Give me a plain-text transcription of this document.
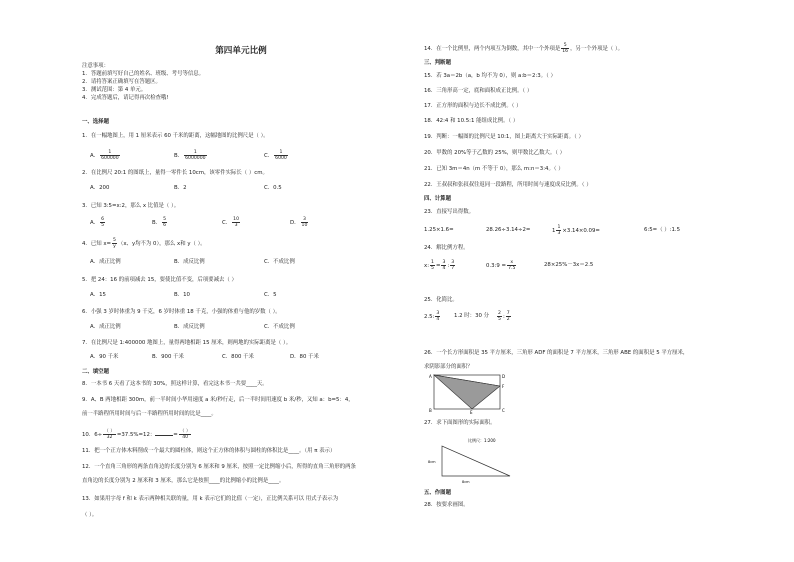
第四单元比例
注意事项：
1．答题前填写好自己的姓名、班级、考号等信息。
2．请将答案正确填写在答题区。
3．测试范围：第 4 单元。
4．完成答题后，请记得再次检查哦!
一、选择题
1．在一幅地图上，用 1 厘米表示 60 千米的距离，这幅地图的比例尺是（ ）。
A． $\frac{1}{600000}$	B． $\frac{1}{6000000}$	C． $\frac{1}{6000}$
2．在比例尺 20:1 的图纸上，量得一零件长 10cm，该零件实际长（ ）cm。
A．200	B．2	C．0.5
3．已知 3:5=x:2，那么 x 比值是（ ）。
A． $\frac{6}{5}$	B． $\frac{5}{6}$	C． $\frac{10}{3}$	D． $\frac{3}{10}$
4．已知 $x= \frac{5}{y} (x$、y均不为 0），那么 x和 y（ ）。
A．成正比例	B．成反比例	C．不成比例
5．把 24：16 的前项减去 15，要使比值不变，后项要减去（ ）
A．15	B．10	C．5
6．小强 3 岁时体重为 9 千克，6 岁时体重 18 千克，小强的体重与他的岁数（ ）。
A．成正比例	B．成反比例	C．不成比例
7．在比例尺是 1:400000 地图上，量得两地相距 15 厘米，则两地的实际距离是（ ）。
A．90 千米	B．900 千米	C．800 千米	D．80 千米
二、填空题
8．一本书 6 天看了这本书的 30%，照这样计算，看完这本书一共要____天。
9．A、B 两地相距 300m，前一半时间小华用速度 a 米/秒行走，后一半时间用速度 b 米/秒，又知 a：b=5：4，
前一半路程所用时间与后一半路程所用时间的比是____。
10．$6\div \frac{( )}{32} =37.5\%=12$：	= $\frac{( )}{40}$
11．把一个正方体木料削成一个最大的圆柱体，则这个正方体的体积与圆柱的体积比是____。（用 π 表示）
12．一个直角三角形的两条直角边的长度分别为 6 厘米和 9 厘米，按照一定比例缩小后，所得的直角三角形的两条
直角边的长度分别为 2 厘米和 3 厘米，那么它是按照____的比例缩小的比例是____。
13．如果用字母 f 和 k 表示两种相关联的量，用 k 表示它们的比值（一定），正比例关系可以 用式子表示为
（ ）。
14．在一个比例里，两个内项互为倒数，其中一个外项是 $\frac{5}{16}$ ，另一个外项是（ ）。
三、判断题
15．若 3a＝2b（a，b 均不为 0），则 a:b＝2:3。（ ）
16．三角形高一定，底和面积成正比例。（ ）
17．正方形的面积与边长不成比例。（ ）
18．42:4 和 10.5:1 能组成比例。（ ）
19．判断：一幅图的比例尺是 10:1，图上距离大于实际距离。（ ）
20．甲数的 20%等于乙数的 25%，则甲数比乙数大。（ ）
21．已知 3m＝4n（m 不等于 0），那么 m:n＝3:4。（ ）
22．王叔叔和张叔叔往返同一段路程，所用时间与速度成反比例。（ ）
四、计算题
23．直接写出得数。
1.25×1.6=	28.26÷3.14÷2=	$1 \frac{1}{3} \times 3.14\times 0.09=$	6:5=（ ）:1.5
24．解比例方程。
x: $\frac{1}{5} = \frac{3}{4}$ : $\frac{3}{7}$	0.3:9 = $\frac{x}{7.5}$	28×25%－3x＝2.5
25．化简比。
2.5: $\frac{3}{4}$	1.2 时：30 分 $\frac{2}{5}$ : $\frac{7}{2}$
26．一个长方形面积是 35 平方厘米，三角形 ADF 的面积是 7 平方厘米，三角形 ABE 的面积是 5 平方厘米，
求阴影部分的面积？
A
B	C
D
E
F
27．求下面图形的实际面积。
比例尺：1:200
8cm
8cm
五、作图题
28．按要求画图。
